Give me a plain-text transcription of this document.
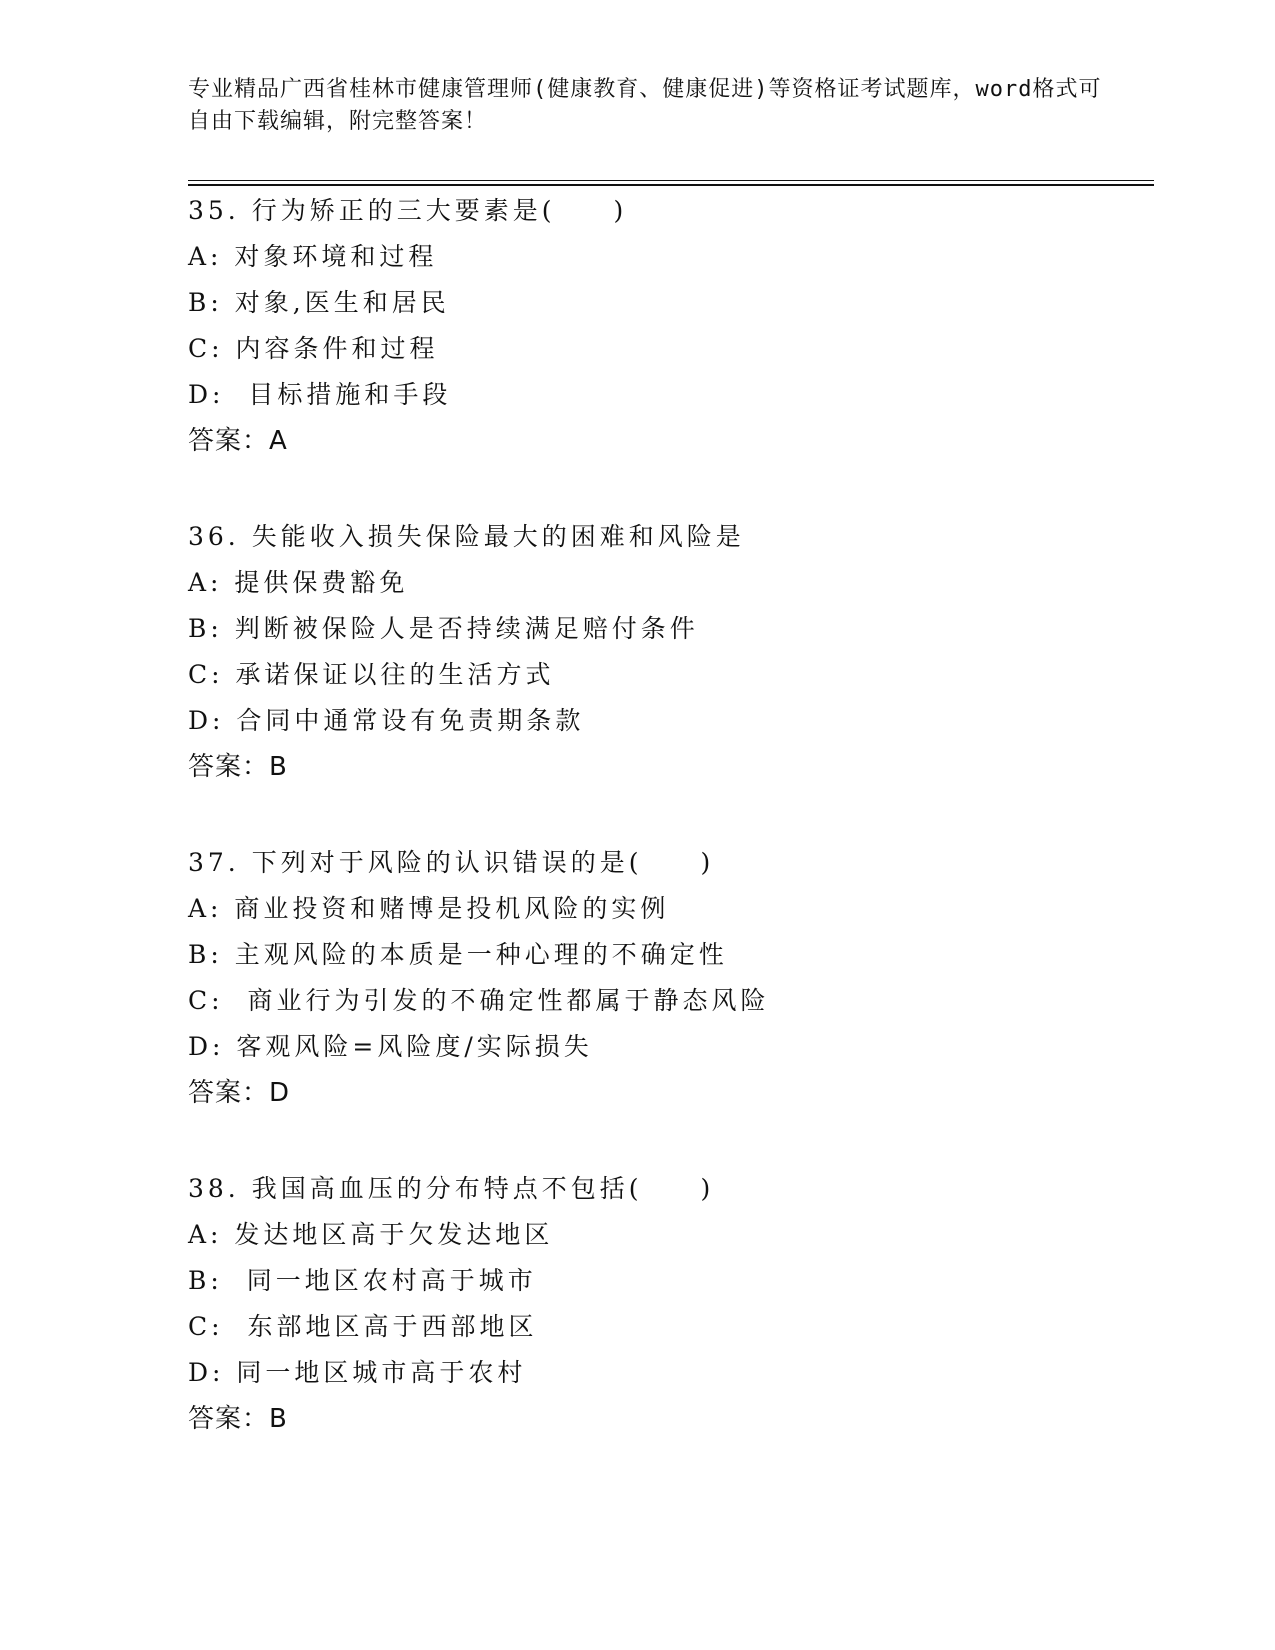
专业精品广西省桂林市健康管理师(健康教育、健康促进)等资格证考试题库，word格式可自由下载编辑，附完整答案！
35. 行为矫正的三大要素是(　　)
A: 对象环境和过程
B: 对象,医生和居民
C: 内容条件和过程
D:  目标措施和手段
答案：A
36. 失能收入损失保险最大的困难和风险是
A: 提供保费豁免
B: 判断被保险人是否持续满足赔付条件
C: 承诺保证以往的生活方式
D: 合同中通常设有免责期条款
答案：B
37. 下列对于风险的认识错误的是(　　)
A: 商业投资和赌博是投机风险的实例
B: 主观风险的本质是一种心理的不确定性
C:  商业行为引发的不确定性都属于静态风险
D: 客观风险=风险度/实际损失
答案：D
38. 我国高血压的分布特点不包括(　　)
A: 发达地区高于欠发达地区
B:  同一地区农村高于城市
C:  东部地区高于西部地区
D: 同一地区城市高于农村
答案：B
